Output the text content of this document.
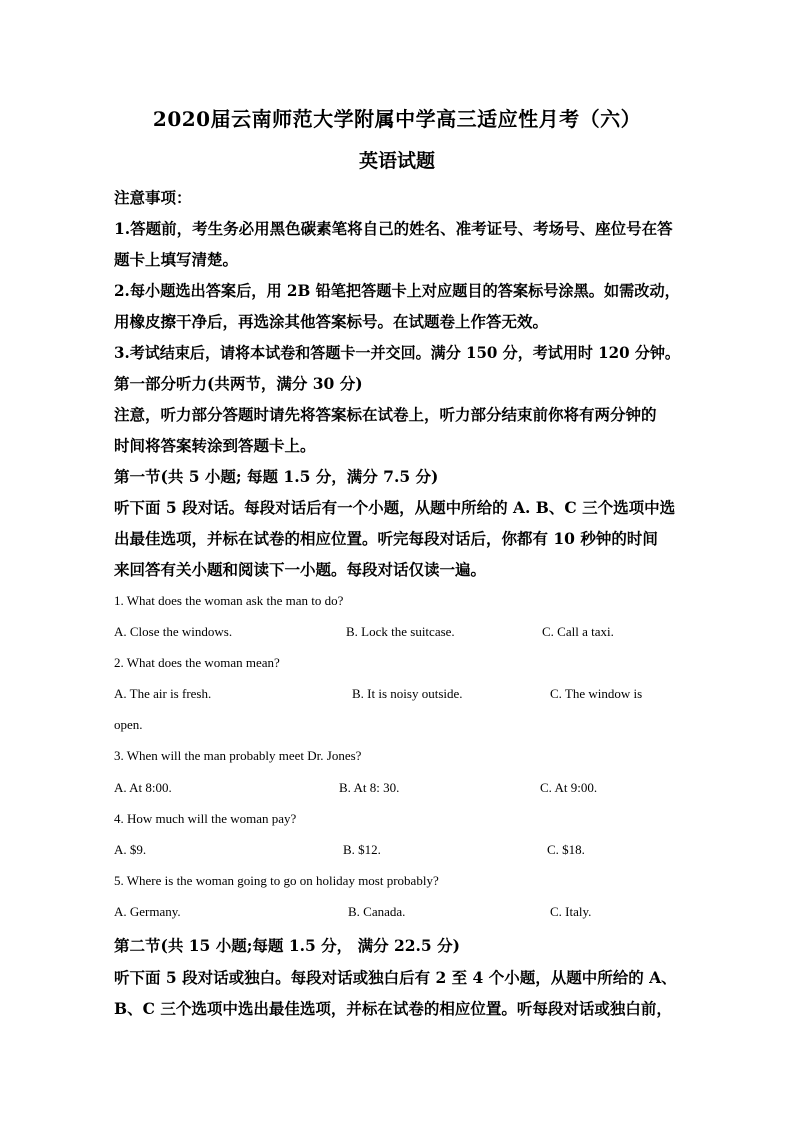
2020届云南师范大学附属中学高三适应性月考（六）
英语试题
注意事项：
1.答题前，考生务必用黑色碳素笔将自己的姓名、准考证号、考场号、座位号在答
题卡上填写清楚。
2.每小题选出答案后，用 2B 铅笔把答题卡上对应题目的答案标号涂黑。如需改动，
用橡皮擦干净后，再选涂其他答案标号。在试题卷上作答无效。
3.考试结束后，请将本试卷和答题卡一并交回。满分 150 分，考试用时 120 分钟。
第一部分听力(共两节，满分 30 分)
注意，听力部分答题时请先将答案标在试卷上，听力部分结束前你将有两分钟的
时间将答案转涂到答题卡上。
第一节(共 5 小题; 每题 1.5 分，满分 7.5 分)
听下面 5 段对话。每段对话后有一个小题，从题中所给的 A. B、C 三个选项中选
出最佳选项，并标在试卷的相应位置。听完每段对话后，你都有 10 秒钟的时间
来回答有关小题和阅读下一小题。每段对话仅读一遍。
1. What does the woman ask the man to do?
A. Close the windows.	B. Lock the suitcase.	C. Call a taxi.
2. What does the woman mean?
A. The air is fresh.	B. It is noisy outside.	C. The window is
open.
3. When will the man probably meet Dr. Jones?
A. At 8:00.	B. At 8: 30.	C. At 9:00.
4. How much will the woman pay?
A. $9.	B. $12.	C. $18.
5. Where is the woman going to go on holiday most probably?
A. Germany.	B. Canada.	C. Italy.
第二节(共 15 小题;每题 1.5 分， 满分 22.5 分)
听下面 5 段对话或独白。每段对话或独白后有 2 至 4 个小题，从题中所给的 A、
B、C 三个选项中选出最佳选项，并标在试卷的相应位置。听每段对话或独白前，
